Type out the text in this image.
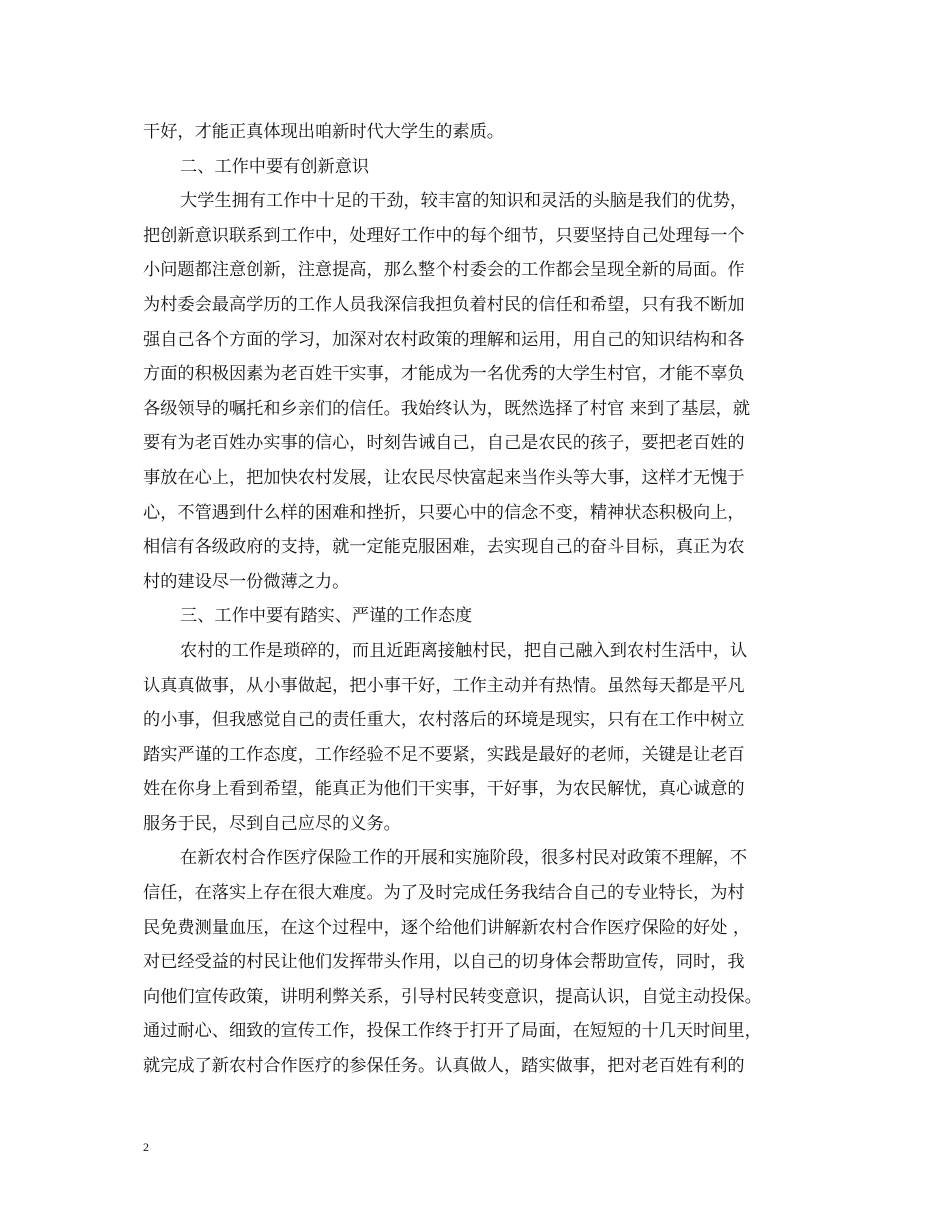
干好，才能正真体现出咱新时代大学生的素质。
二、工作中要有创新意识
大学生拥有工作中十足的干劲，较丰富的知识和灵活的头脑是我们的优势，
把创新意识联系到工作中，处理好工作中的每个细节，只要坚持自己处理每一个
小问题都注意创新，注意提高，那么整个村委会的工作都会呈现全新的局面。作
为村委会最高学历的工作人员我深信我担负着村民的信任和希望，只有我不断加
强自己各个方面的学习，加深对农村政策的理解和运用，用自己的知识结构和各
方面的积极因素为老百姓干实事，才能成为一名优秀的大学生村官，才能不辜负
各级领导的嘱托和乡亲们的信任。我始终认为，既然选择了村官 来到了基层，就
要有为老百姓办实事的信心，时刻告诫自己，自己是农民的孩子，要把老百姓的
事放在心上，把加快农村发展，让农民尽快富起来当作头等大事，这样才无愧于
心，不管遇到什么样的困难和挫折，只要心中的信念不变，精神状态积极向上，
相信有各级政府的支持，就一定能克服困难，去实现自己的奋斗目标，真正为农
村的建设尽一份微薄之力。
三、工作中要有踏实、严谨的工作态度
农村的工作是琐碎的，而且近距离接触村民，把自己融入到农村生活中，认
认真真做事，从小事做起，把小事干好，工作主动并有热情。虽然每天都是平凡
的小事，但我感觉自己的责任重大，农村落后的环境是现实，只有在工作中树立
踏实严谨的工作态度，工作经验不足不要紧，实践是最好的老师，关键是让老百
姓在你身上看到希望，能真正为他们干实事，干好事，为农民解忧，真心诚意的
服务于民，尽到自己应尽的义务。
在新农村合作医疗保险工作的开展和实施阶段，很多村民对政策不理解，不
信任，在落实上存在很大难度。为了及时完成任务我结合自己的专业特长，为村
民免费测量血压，在这个过程中，逐个给他们讲解新农村合作医疗保险的好处 ，
对已经受益的村民让他们发挥带头作用，以自己的切身体会帮助宣传，同时，我
向他们宣传政策，讲明利弊关系，引导村民转变意识，提高认识，自觉主动投保。
通过耐心、细致的宣传工作，投保工作终于打开了局面，在短短的十几天时间里，
就完成了新农村合作医疗的参保任务。认真做人，踏实做事，把对老百姓有利的
2
